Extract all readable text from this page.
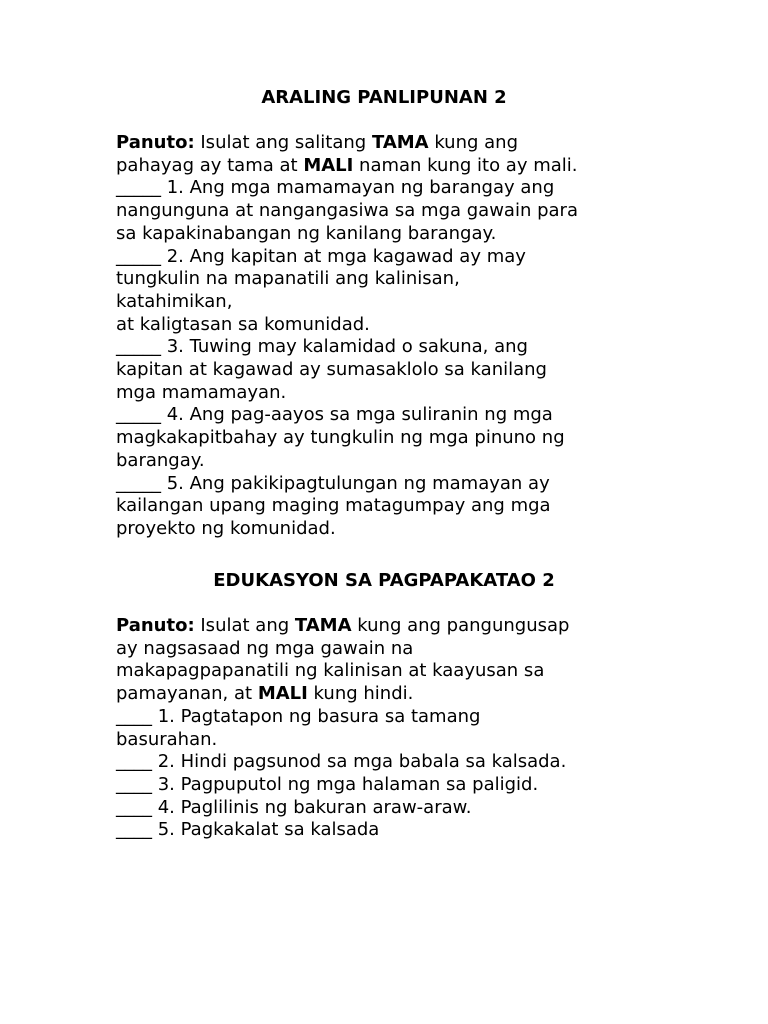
ARALING PANLIPUNAN 2
Panuto: Isulat ang salitang TAMA kung ang
pahayag ay tama at MALI naman kung ito ay mali.
_____ 1. Ang mga mamamayan ng barangay ang
nangunguna at nangangasiwa sa mga gawain para
sa kapakinabangan ng kanilang barangay.
_____ 2. Ang kapitan at mga kagawad ay may
tungkulin na mapanatili ang kalinisan,
katahimikan,
at kaligtasan sa komunidad.
_____ 3. Tuwing may kalamidad o sakuna, ang
kapitan at kagawad ay sumasaklolo sa kanilang
mga mamamayan.
_____ 4. Ang pag-aayos sa mga suliranin ng mga
magkakapitbahay ay tungkulin ng mga pinuno ng
barangay.
_____ 5. Ang pakikipagtulungan ng mamayan ay
kailangan upang maging matagumpay ang mga
proyekto ng komunidad.
EDUKASYON SA PAGPAPAKATAO 2
Panuto: Isulat ang TAMA kung ang pangungusap
ay nagsasaad ng mga gawain na
makapagpapanatili ng kalinisan at kaayusan sa
pamayanan, at MALI kung hindi.
____ 1. Pagtatapon ng basura sa tamang
basurahan.
____ 2. Hindi pagsunod sa mga babala sa kalsada.
____ 3. Pagpuputol ng mga halaman sa paligid.
____ 4. Paglilinis ng bakuran araw-araw.
____ 5. Pagkakalat sa kalsada
